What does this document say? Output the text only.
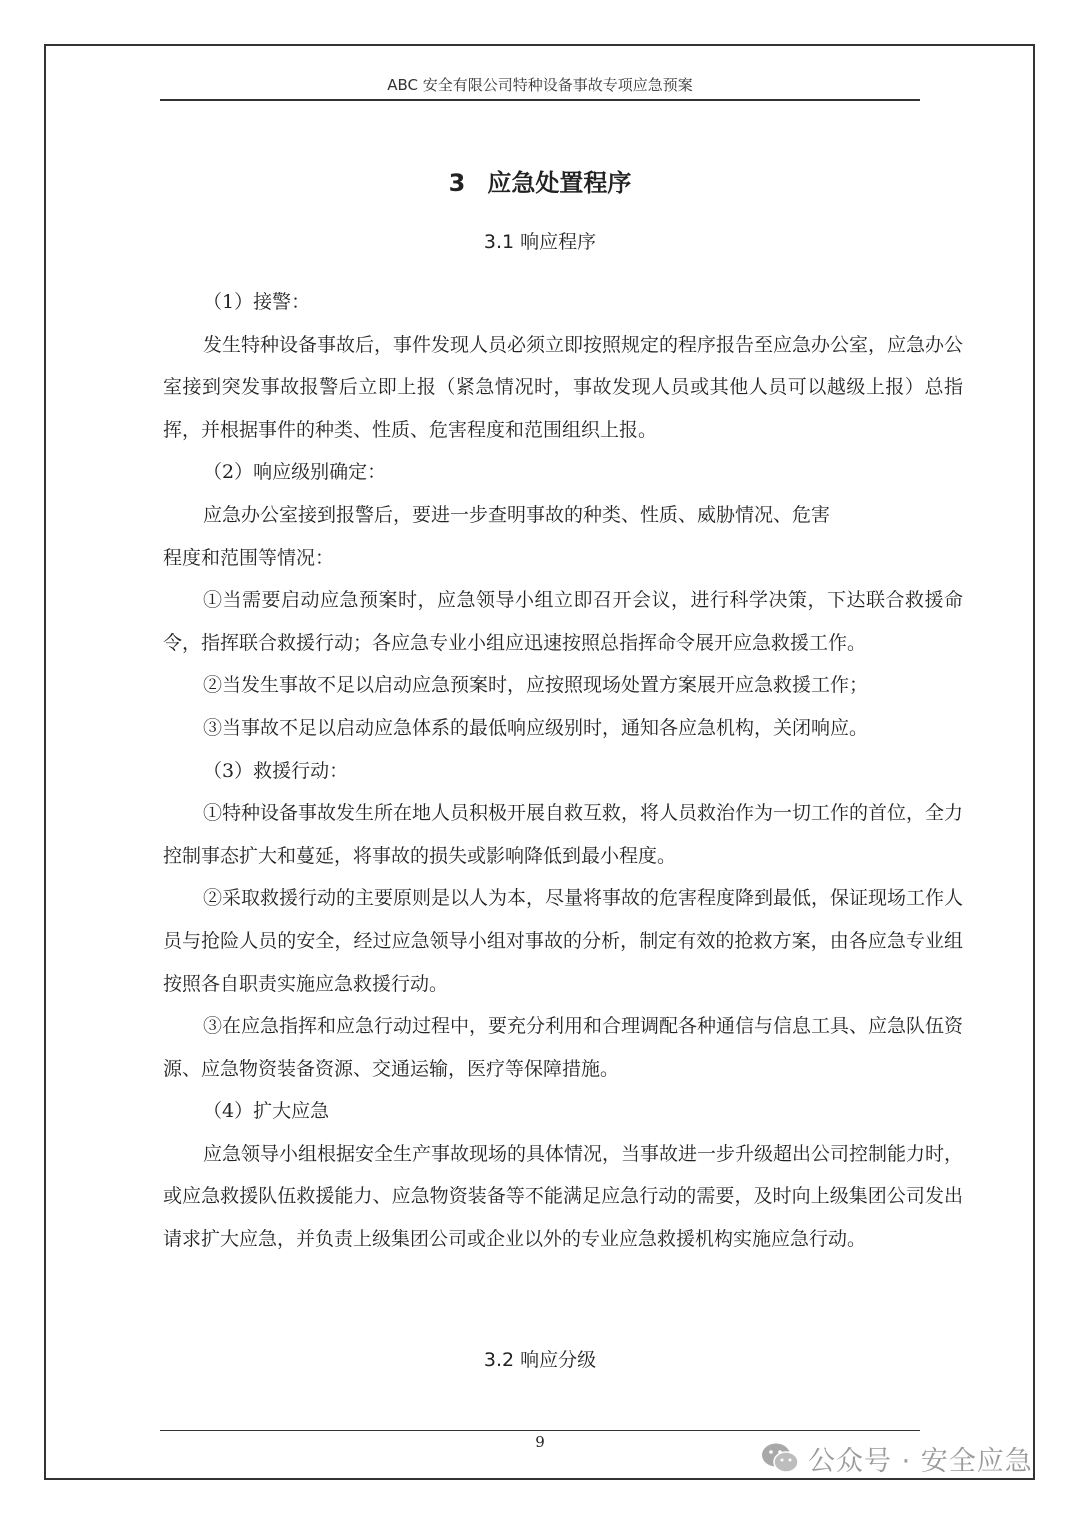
ABC 安全有限公司特种设备事故专项应急预案
3 应急处置程序
3.1 响应程序

（1）接警：

发生特种设备事故后，事件发现人员必须立即按照规定的程序报告至应急办公室，应急办公室接到突发事故报警后立即上报（紧急情况时，事故发现人员或其他人员可以越级上报）总指挥，并根据事件的种类、性质、危害程度和范围组织上报。

（2）响应级别确定：

应急办公室接到报警后，要进一步查明事故的种类、性质、威胁情况、危害

程度和范围等情况：

①当需要启动应急预案时，应急领导小组立即召开会议，进行科学决策，下达联合救援命令，指挥联合救援行动；各应急专业小组应迅速按照总指挥命令展开应急救援工作。

②当发生事故不足以启动应急预案时，应按照现场处置方案展开应急救援工作；

③当事故不足以启动应急体系的最低响应级别时，通知各应急机构，关闭响应。

（3）救援行动：

①特种设备事故发生所在地人员积极开展自救互救，将人员救治作为一切工作的首位，全力控制事态扩大和蔓延，将事故的损失或影响降低到最小程度。

②采取救援行动的主要原则是以人为本，尽量将事故的危害程度降到最低，保证现场工作人员与抢险人员的安全，经过应急领导小组对事故的分析，制定有效的抢救方案，由各应急专业组按照各自职责实施应急救援行动。

③在应急指挥和应急行动过程中，要充分利用和合理调配各种通信与信息工具、应急队伍资源、应急物资装备资源、交通运输，医疗等保障措施。

（4）扩大应急

应急领导小组根据安全生产事故现场的具体情况，当事故进一步升级超出公司控制能力时，或应急救援队伍救援能力、应急物资装备等不能满足应急行动的需要，及时向上级集团公司发出请求扩大应急，并负责上级集团公司或企业以外的专业应急救援机构实施应急行动。

3.2 响应分级
9
公众号 · 安全应急
